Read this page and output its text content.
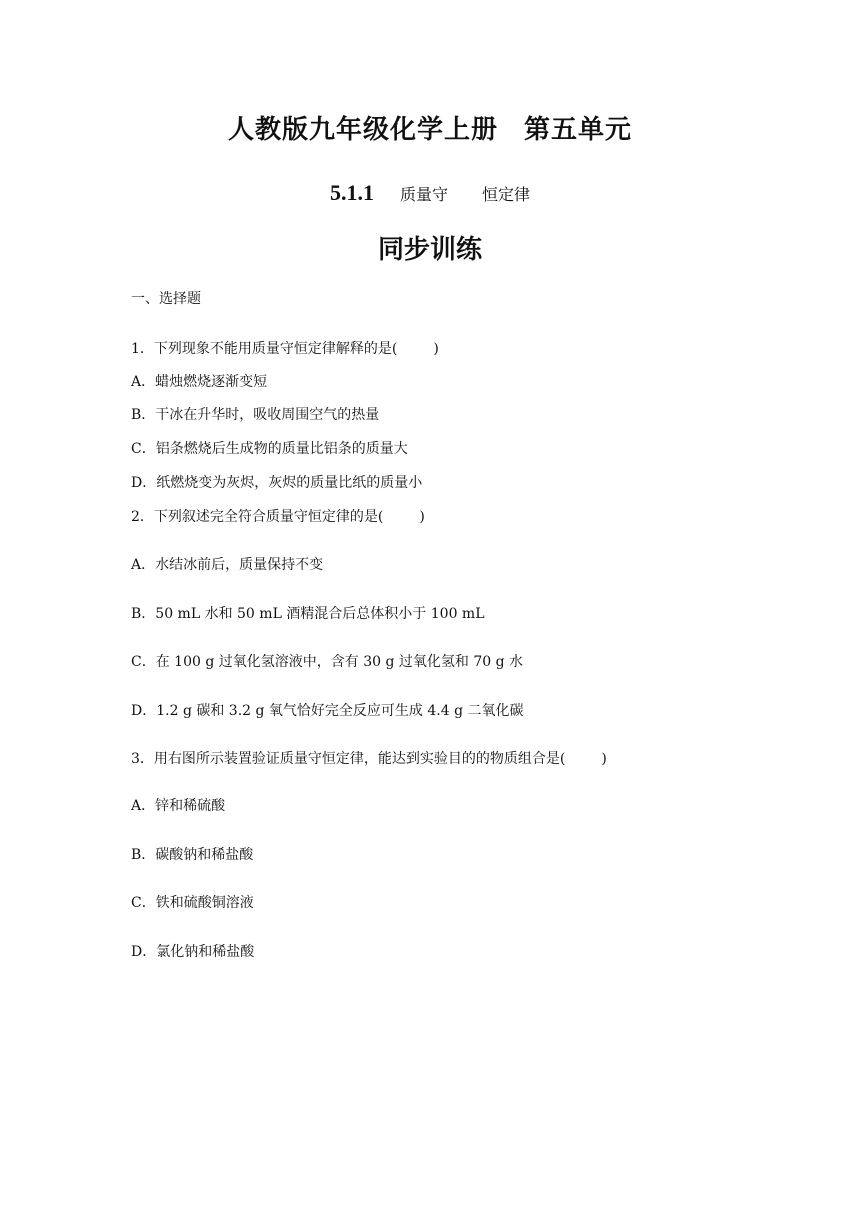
人教版九年级化学上册 第五单元
5.1.1 质量守 恒定律
同步训练
一、选择题
1．下列现象不能用质量守恒定律解释的是(	)
A．蜡烛燃烧逐渐变短
B．干冰在升华时，吸收周围空气的热量
C．铝条燃烧后生成物的质量比铝条的质量大
D．纸燃烧变为灰烬，灰烬的质量比纸的质量小
2．下列叙述完全符合质量守恒定律的是(	)
A．水结冰前后，质量保持不变
B．50 mL 水和 50 mL 酒精混合后总体积小于 100 mL
C．在 100 g 过氧化氢溶液中，含有 30 g 过氧化氢和 70 g 水
D．1.2 g 碳和 3.2 g 氧气恰好完全反应可生成 4.4 g 二氧化碳
3．用右图所示装置验证质量守恒定律，能达到实验目的的物质组合是(	)
A．锌和稀硫酸
B．碳酸钠和稀盐酸
C．铁和硫酸铜溶液
D．氯化钠和稀盐酸
